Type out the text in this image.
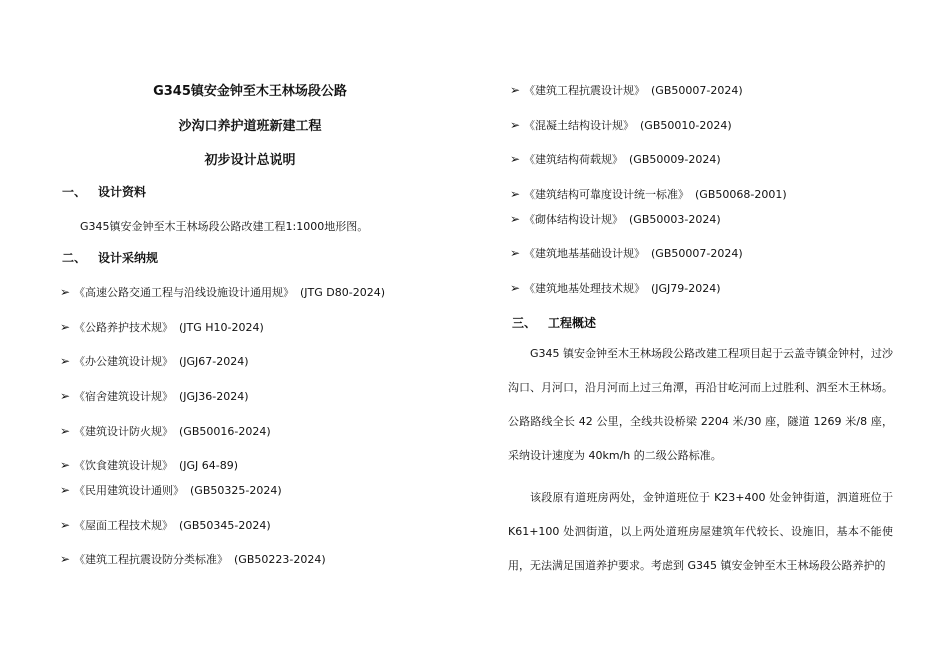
G345镇安金钟至木王林场段公路
沙沟口养护道班新建工程
初步设计总说明
一、 设计资料
G345镇安金钟至木王林场段公路改建工程1:1000地形图。
二、 设计采纳规
➢ 《高速公路交通工程与沿线设施设计通用规》 (JTG D80-2024)
➢ 《公路养护技术规》 (JTG H10-2024)
➢ 《办公建筑设计规》 (JGJ67-2024)
➢ 《宿舍建筑设计规》 (JGJ36-2024)
➢ 《建筑设计防火规》 (GB50016-2024)
➢ 《饮食建筑设计规》 (JGJ 64-89)
➢ 《民用建筑设计通则》 (GB50325-2024)
➢ 《屋面工程技术规》 (GB50345-2024)
➢ 《建筑工程抗震设防分类标准》 (GB50223-2024)
➢ 《建筑工程抗震设计规》 (GB50007-2024)
➢ 《混凝土结构设计规》 (GB50010-2024)
➢ 《建筑结构荷载规》 (GB50009-2024)
➢ 《建筑结构可靠度设计统一标准》 (GB50068-2001)
➢ 《砌体结构设计规》 (GB50003-2024)
➢ 《建筑地基基础设计规》 (GB50007-2024)
➢ 《建筑地基处理技术规》 (JGJ79-2024)
三、 工程概述
G345 镇安金钟至木王林场段公路改建工程项目起于云盖寺镇金钟村，过沙沟口、月河口，沿月河而上过三角潭，再沿甘屹河而上过胜利、泗至木王林场。公路路线全长 42 公里，全线共设桥梁 2204 米/30 座，隧道 1269 米/8 座，采纳设计速度为 40km/h 的二级公路标准。
该段原有道班房两处，金钟道班位于 K23+400 处金钟街道，泗道班位于 K61+100 处泗街道，以上两处道班房屋建筑年代较长、设施旧，基本不能使用，无法满足国道养护要求。考虑到 G345 镇安金钟至木王林场段公路养护的
